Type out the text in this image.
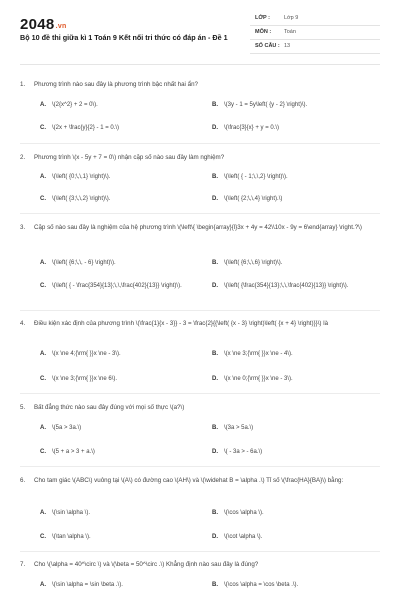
2048.vn
Bộ 10 đề thi giữa kì 1 Toán 9 Kết nối tri thức có đáp án - Đề 1
LỚP :	Lớp 9
MÔN : Toán
SỐ CÂU : 13
1. Phương trình nào sau đây là phương trình bậc nhất hai ẩn?
A. \(2{x^2} + 2 = 0\).	B. \(3y - 1 = 5y\left( {y - 2} \right)\).
C. \(2x + \frac{y}{2} - 1 = 0.\)	D. \(\frac{3}{x} + y = 0.\)
2. Phương trình \(x - 5y + 7 = 0\) nhận cặp số nào sau đây làm nghiệm?
A. \(\left( {0;\,\,1} \right)\).	B. \(\left( { - 1;\,\,2} \right)\).
C. \(\left( {3;\,\,2} \right)\).	D. \(\left( {2;\,\,4} \right).\)
3. Cặp số nào sau đây là nghiệm của hệ phương trình \(\left\{ \begin{array}{l}3x + 4y = 42\\10x - 9y = 6\end{array} \right.?\)
A. \(\left( {6;\,\, - 6} \right)\).	B. \(\left( {6;\,\,6} \right)\).
C. \(\left( { - \frac{354}{13};\,\,\frac{402}{13}} \right)\).	D. \(\left( {\frac{354}{13};\,\,\frac{402}{13}} \right)\).
4. Điều kiện xác định của phương trình \(\frac{1}{x - 3}} - 3 = \frac{2}{{\left( {x - 3} \right)\left( {x + 4} \right)}}\) là
A. \(x \ne 4;{\rm{ }}x \ne - 3\).	B. \(x \ne 3;{\rm{ }}x \ne - 4\).
C. \(x \ne 3;{\rm{ }}x \ne 6\).	D. \(x \ne 0;{\rm{ }}x \ne - 3\).
5. Bất đẳng thức nào sau đây đúng với mọi số thực \(a?\)
A. \(5a > 3a.\)	B. \(3a > 5a.\)
C. \(5 + a > 3 + a.\)	D. \( - 3a > - 6a.\)
6. Cho tam giác \(ABC\) vuông tại \(A\) có đường cao \(AH\) và \(\widehat B = \alpha .\) Tỉ số \(\frac{HA}{BA}\) bằng:
A. \(\sin \alpha \).	B. \(\cos \alpha \).
C. \(\tan \alpha \).	D. \(\cot \alpha \).
7. Cho \(\alpha = 40^\circ \) và \(\beta = 50^\circ .\) Khẳng định nào sau đây là đúng?
A. \(\sin \alpha = \sin \beta .\).	B. \(\cos \alpha = \cos \beta .\).
